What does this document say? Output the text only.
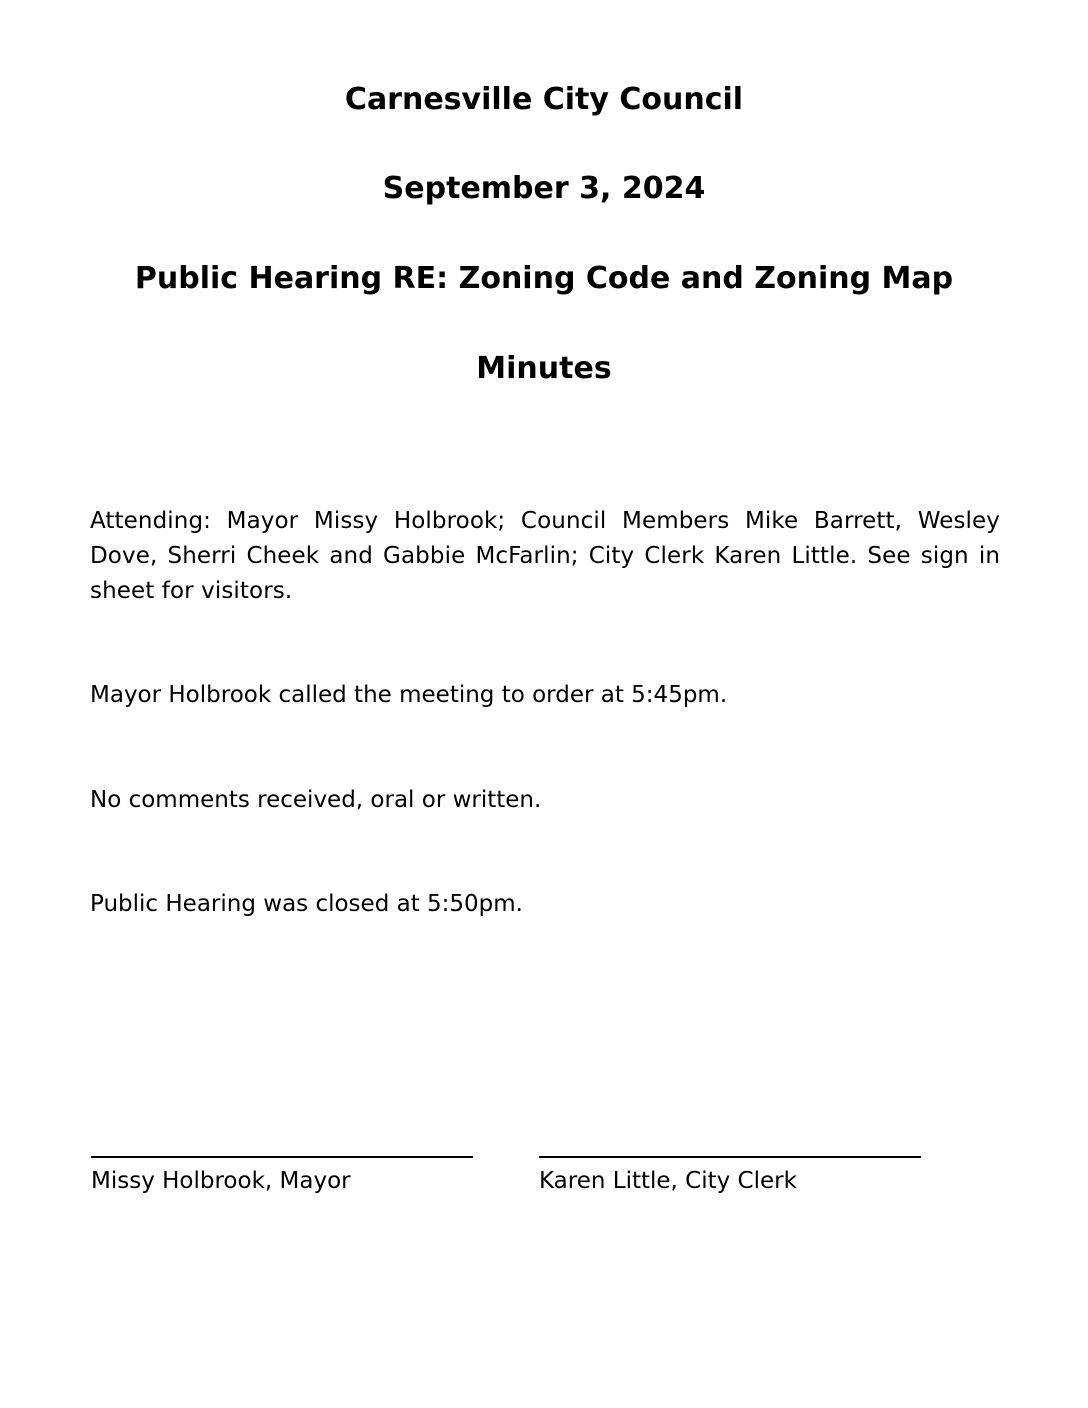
Carnesville City Council
September 3, 2024
Public Hearing RE: Zoning Code and Zoning Map
Minutes

Attending: Mayor Missy Holbrook; Council Members Mike Barrett, Wesley Dove, Sherri Cheek and Gabbie McFarlin; City Clerk Karen Little. See sign in sheet for visitors.

Mayor Holbrook called the meeting to order at 5:45pm.

No comments received, oral or written.

Public Hearing was closed at 5:50pm.

Missy Holbrook, Mayor	Karen Little, City Clerk
